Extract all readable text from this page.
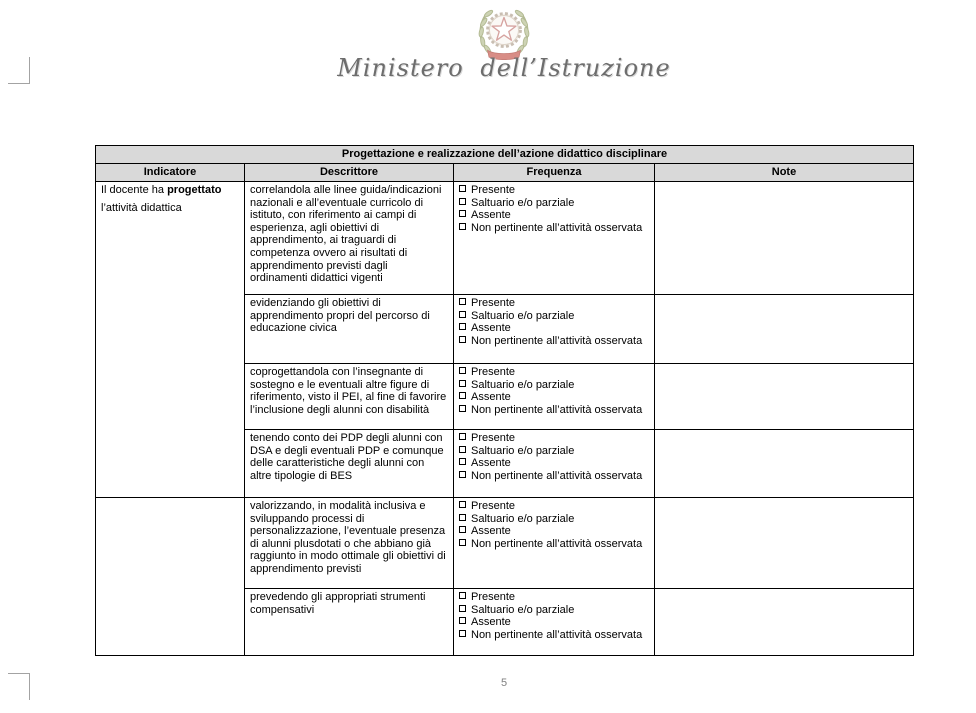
Ministero dell’Istruzione
Progettazione e realizzazione dell’azione didattico disciplinare			
Indicatore	Descrittore	Frequenza	Note
Il docente ha progettato
l’attività didattica	correlandola alle linee guida/indicazioni nazionali e all’eventuale curricolo di istituto, con riferimento ai campi di esperienza, agli obiettivi di apprendimento, ai traguardi di competenza ovvero ai risultati di apprendimento previsti dagli ordinamenti didattici vigenti	
Presente
Saltuario e/o parziale
Assente
Non pertinente all’attività osservata

	evidenziando gli obiettivi di apprendimento propri del percorso di educazione civica	Presente
Saltuario e/o parziale
Assente
Non pertinente all’attività osservata	

	coprogettandola con l’insegnante di sostegno e le eventuali altre figure di riferimento, visto il PEI, al fine di favorire l’inclusione degli alunni con disabilità	Presente
Saltuario e/o parziale
Assente
Non pertinente all’attività osservata	

	tenendo conto dei PDP degli alunni con DSA e degli eventuali PDP e comunque delle caratteristiche degli alunni con altre tipologie di BES	Presente
Saltuario e/o parziale
Assente
Non pertinente all’attività osservata	

	valorizzando, in modalità inclusiva e sviluppando processi di personalizzazione, l’eventuale presenza di alunni plusdotati o che abbiano già raggiunto in modo ottimale gli obiettivi di apprendimento previsti	
Presente
Saltuario e/o parziale
Assente
Non pertinente all’attività osservata

	prevedendo gli appropriati strumenti compensativi	Presente
Saltuario e/o parziale
Assente
Non pertinente all’attività osservata	

5
